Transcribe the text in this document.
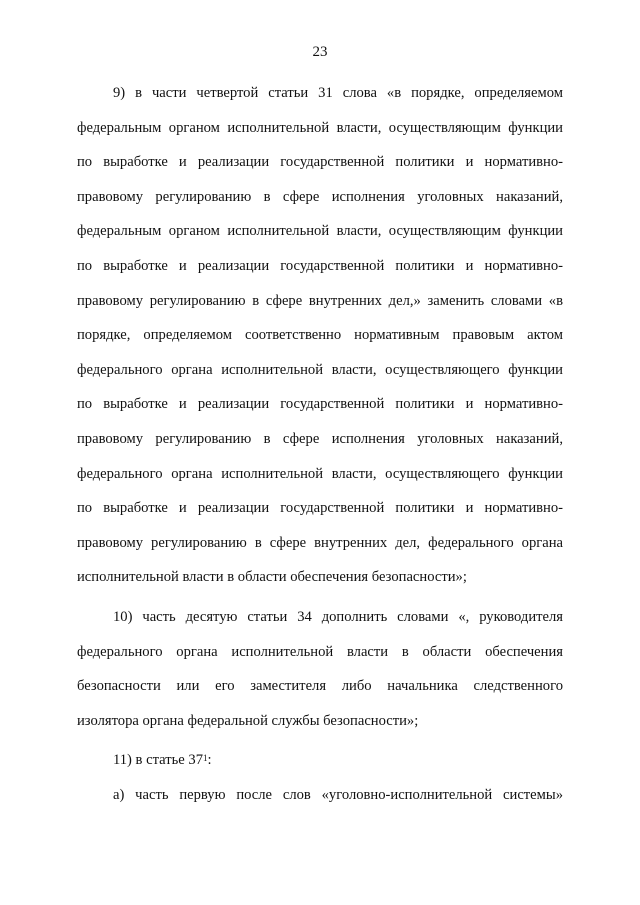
23
9) в части четвертой статьи 31 слова «в порядке, определяемом
федеральным органом исполнительной власти, осуществляющим функции
по выработке и реализации государственной политики и нормативно-
правовому регулированию в сфере исполнения уголовных наказаний,
федеральным органом исполнительной власти, осуществляющим функции
по выработке и реализации государственной политики и нормативно-
правовому регулированию в сфере внутренних дел,» заменить словами «в
порядке, определяемом соответственно нормативным правовым актом
федерального органа исполнительной власти, осуществляющего функции
по выработке и реализации государственной политики и нормативно-
правовому регулированию в сфере исполнения уголовных наказаний,
федерального органа исполнительной власти, осуществляющего функции
по выработке и реализации государственной политики и нормативно-
правовому регулированию в сфере внутренних дел, федерального органа
исполнительной власти в области обеспечения безопасности»;
10) часть десятую статьи 34 дополнить словами «, руководителя
федерального органа исполнительной власти в области обеспечения
безопасности или его заместителя либо начальника следственного
изолятора органа федеральной службы безопасности»;
11) в статье $37^1$:
а) часть первую после слов «уголовно-исполнительной системы»
